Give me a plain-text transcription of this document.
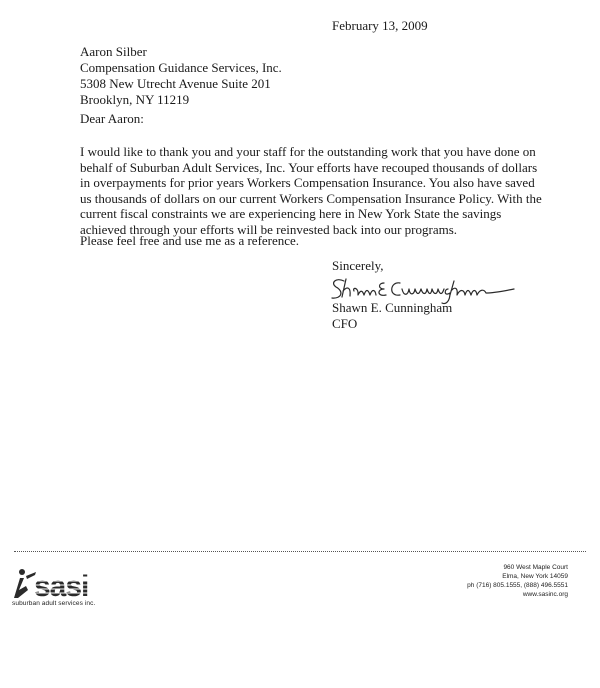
February 13, 2009
Aaron Silber
Compensation Guidance Services, Inc.
5308 New Utrecht Avenue Suite 201
Brooklyn, NY 11219
Dear Aaron:
I would like to thank you and your staff for the outstanding work that you have done on
behalf of Suburban Adult Services, Inc. Your efforts have recouped thousands of dollars
in overpayments for prior years Workers Compensation Insurance. You also have saved
us thousands of dollars on our current Workers Compensation Insurance Policy. With the
current fiscal constraints we are experiencing here in New York State the savings
achieved through your efforts will be reinvested back into our programs.
Please feel free and use me as a reference.
Sincerely,
Shawn E. Cunningham
CFO
sasi
suburban adult services inc.
960 West Maple Court
Elma, New York 14059
ph (716) 805.1555, (888) 496.5551
www.sasinc.org
